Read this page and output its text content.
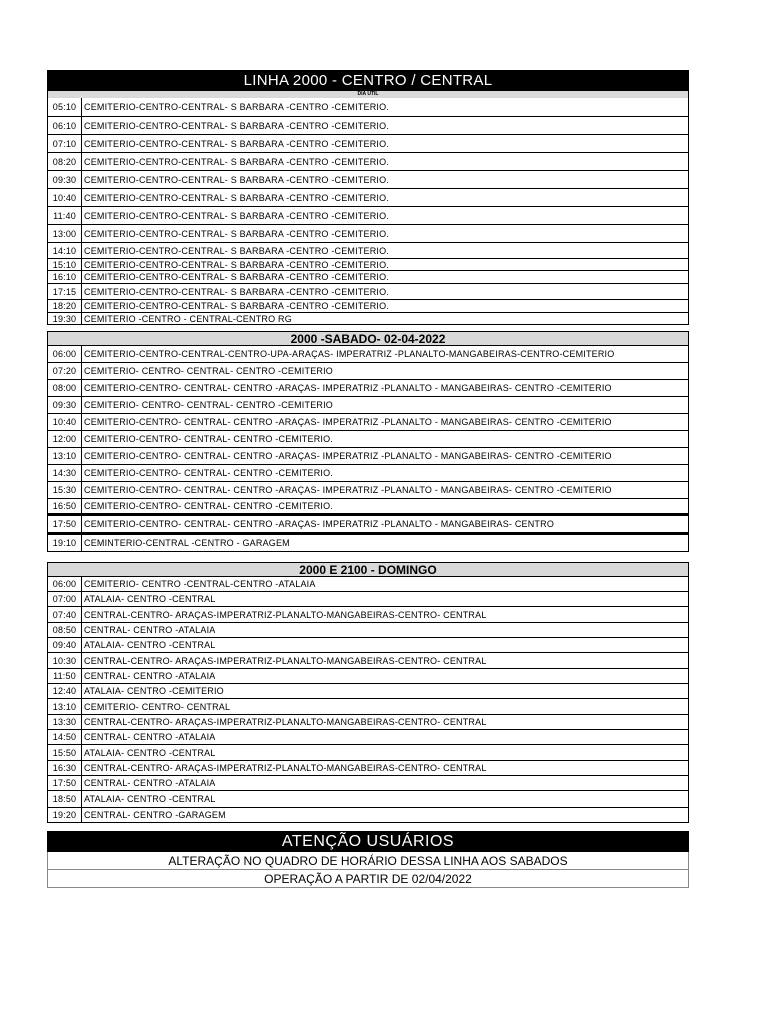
LINHA 2000 - CENTRO / CENTRAL
DIA UTIL
05:10 CEMITERIO-CENTRO-CENTRAL- S BARBARA -CENTRO -CEMITERIO.
06:10 CEMITERIO-CENTRO-CENTRAL- S BARBARA -CENTRO -CEMITERIO.
07:10 CEMITERIO-CENTRO-CENTRAL- S BARBARA -CENTRO -CEMITERIO.
08:20 CEMITERIO-CENTRO-CENTRAL- S BARBARA -CENTRO -CEMITERIO.
09:30 CEMITERIO-CENTRO-CENTRAL- S BARBARA -CENTRO -CEMITERIO.
10:40 CEMITERIO-CENTRO-CENTRAL- S BARBARA -CENTRO -CEMITERIO.
11:40 CEMITERIO-CENTRO-CENTRAL- S BARBARA -CENTRO -CEMITERIO.
13:00 CEMITERIO-CENTRO-CENTRAL- S BARBARA -CENTRO -CEMITERIO.
14:10 CEMITERIO-CENTRO-CENTRAL- S BARBARA -CENTRO -CEMITERIO.
15:10 CEMITERIO-CENTRO-CENTRAL- S BARBARA -CENTRO -CEMITERIO.
16:10 CEMITERIO-CENTRO-CENTRAL- S BARBARA -CENTRO -CEMITERIO.
17:15 CEMITERIO-CENTRO-CENTRAL- S BARBARA -CENTRO -CEMITERIO.
18:20 CEMITERIO-CENTRO-CENTRAL- S BARBARA -CENTRO -CEMITERIO.
19:30 CEMITERIO -CENTRO - CENTRAL-CENTRO RG
2000 -SABADO- 02-04-2022
06:00 CEMITERIO-CENTRO-CENTRAL-CENTRO-UPA-ARAÇAS- IMPERATRIZ -PLANALTO-MANGABEIRAS-CENTRO-CEMITERIO
07:20 CEMITERIO- CENTRO- CENTRAL- CENTRO -CEMITERIO
08:00 CEMITERIO-CENTRO- CENTRAL- CENTRO -ARAÇAS- IMPERATRIZ -PLANALTO - MANGABEIRAS- CENTRO -CEMITERIO
09:30 CEMITERIO- CENTRO- CENTRAL- CENTRO -CEMITERIO
10:40 CEMITERIO-CENTRO- CENTRAL- CENTRO -ARAÇAS- IMPERATRIZ -PLANALTO - MANGABEIRAS- CENTRO -CEMITERIO
12:00 CEMITERIO-CENTRO- CENTRAL- CENTRO -CEMITERIO.
13:10 CEMITERIO-CENTRO- CENTRAL- CENTRO -ARAÇAS- IMPERATRIZ -PLANALTO - MANGABEIRAS- CENTRO -CEMITERIO
14:30 CEMITERIO-CENTRO- CENTRAL- CENTRO -CEMITERIO.
15:30 CEMITERIO-CENTRO- CENTRAL- CENTRO -ARAÇAS- IMPERATRIZ -PLANALTO - MANGABEIRAS- CENTRO -CEMITERIO
16:50 CEMITERIO-CENTRO- CENTRAL- CENTRO -CEMITERIO.
17:50 CEMITERIO-CENTRO- CENTRAL- CENTRO -ARAÇAS- IMPERATRIZ -PLANALTO - MANGABEIRAS- CENTRO
19:10 CEMINTERIO-CENTRAL -CENTRO - GARAGEM
2000 E 2100 - DOMINGO
06:00 CEMITERIO- CENTRO -CENTRAL-CENTRO -ATALAIA
07:00 ATALAIA- CENTRO -CENTRAL
07:40 CENTRAL-CENTRO- ARAÇAS-IMPERATRIZ-PLANALTO-MANGABEIRAS-CENTRO- CENTRAL
08:50 CENTRAL- CENTRO -ATALAIA
09:40 ATALAIA- CENTRO -CENTRAL
10:30 CENTRAL-CENTRO- ARAÇAS-IMPERATRIZ-PLANALTO-MANGABEIRAS-CENTRO- CENTRAL
11:50 CENTRAL- CENTRO -ATALAIA
12:40 ATALAIA- CENTRO -CEMITERIO
13:10 CEMITERIO- CENTRO- CENTRAL
13:30 CENTRAL-CENTRO- ARAÇAS-IMPERATRIZ-PLANALTO-MANGABEIRAS-CENTRO- CENTRAL
14:50 CENTRAL- CENTRO -ATALAIA
15:50 ATALAIA- CENTRO -CENTRAL
16:30 CENTRAL-CENTRO- ARAÇAS-IMPERATRIZ-PLANALTO-MANGABEIRAS-CENTRO- CENTRAL
17:50 CENTRAL- CENTRO -ATALAIA
18:50 ATALAIA- CENTRO -CENTRAL
19:20 CENTRAL- CENTRO -GARAGEM
ATENÇÃO USUÁRIOS
ALTERAÇÃO NO QUADRO DE HORÁRIO DESSA LINHA AOS SABADOS
OPERAÇÃO A PARTIR DE 02/04/2022
